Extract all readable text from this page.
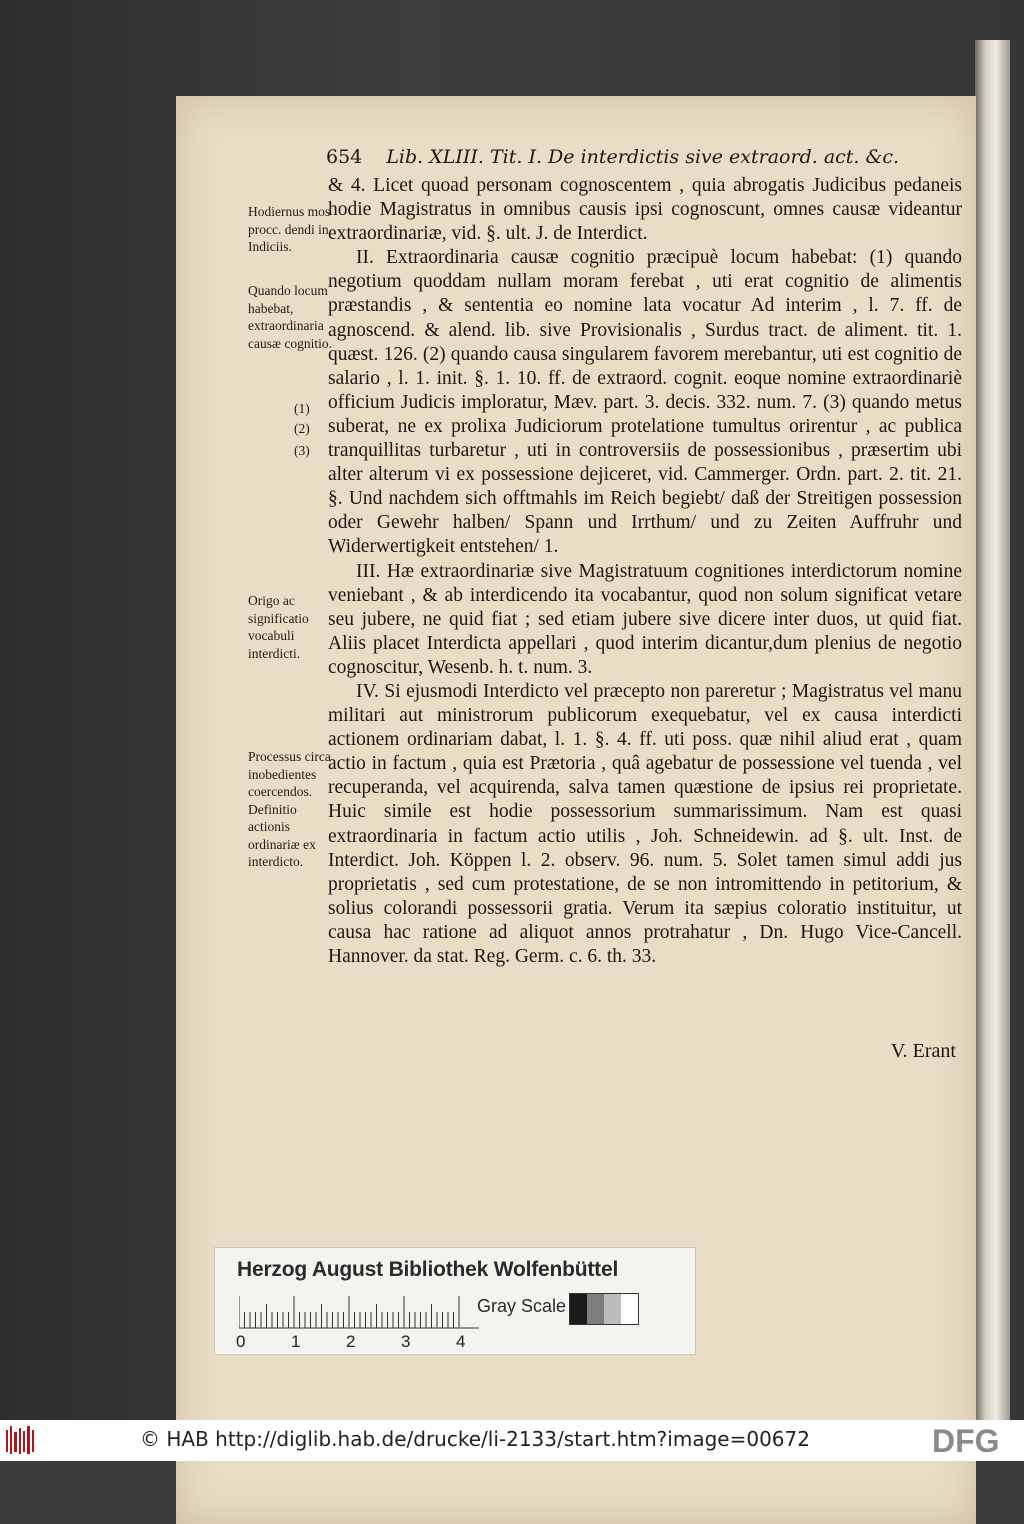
654 Lib. XLIII. Tit. I. De interdictis sive extraord. act. &c.
Hodiernus mos procc. dendi in Indiciis.
Quando locum habebat, extraordinaria causæ cognitio.
(1)
(2)
(3)
Origo ac significatio vocabuli interdicti.
Processus circa inobedientes coercendos. Definitio actionis ordinariæ ex interdicto.

& 4. Licet quoad personam cognoscentem , quia abrogatis Judicibus pedaneis hodie Magistratus in omnibus causis ipsi cognoscunt, omnes causæ videantur extraordinariæ, vid. §. ult. J. de Interdict.

II. Extraordinaria causæ cognitio præcipuè locum habebat: (1) quando negotium quoddam nullam moram ferebat , uti erat cognitio de alimentis præstandis , & sententia eo nomine lata vocatur Ad interim , l. 7. ff. de agnoscend. & alend. lib. sive Provisionalis , Surdus tract. de aliment. tit. 1. quæst. 126. (2) quando causa singularem favorem merebantur, uti est cognitio de salario , l. 1. init. §. 1. 10. ff. de extraord. cognit. eoque nomine extraordinariè officium Judicis imploratur, Mæv. part. 3. decis. 332. num. 7. (3) quando metus suberat, ne ex prolixa Judiciorum protelatione tumultus orirentur , ac publica tranquillitas turbaretur , uti in controversiis de possessionibus , præsertim ubi alter alterum vi ex possessione dejiceret, vid. Cammerger. Ordn. part. 2. tit. 21. §. Und nachdem sich offtmahls im Reich begiebt/ daß der Streitigen possession oder Gewehr halben/ Spann und Irrthum/ und zu Zeiten Auffruhr und Widerwertigkeit entstehen/ 1.

III. Hæ extraordinariæ sive Magistratuum cognitiones interdictorum nomine veniebant , & ab interdicendo ita vocabantur, quod non solum significat vetare seu jubere, ne quid fiat ; sed etiam jubere sive dicere inter duos, ut quid fiat. Aliis placet Interdicta appellari , quod interim dicantur,dum plenius de negotio cognoscitur, Wesenb. h. t. num. 3.

IV. Si ejusmodi Interdicto vel præcepto non pareretur ; Magistratus vel manu militari aut ministrorum publicorum exequebatur, vel ex causa interdicti actionem ordinariam dabat, l. 1. §. 4. ff. uti poss. quæ nihil aliud erat , quam actio in factum , quia est Prætoria , quâ agebatur de possessione vel tuenda , vel recuperanda, vel acquirenda, salva tamen quæstione de ipsius rei proprietate. Huic simile est hodie possessorium summarissimum. Nam est quasi extraordinaria in factum actio utilis , Joh. Schneidewin. ad §. ult. Inst. de Interdict. Joh. Köppen l. 2. observ. 96. num. 5. Solet tamen simul addi jus proprietatis , sed cum protestatione, de se non intromittendo in petitorium, & solius colorandi possessorii gratia. Verum ita sæpius coloratio instituitur, ut causa hac ratione ad aliquot annos protrahatur , Dn. Hugo Vice-Cancell. Hannover. da stat. Reg. Germ. c. 6. th. 33.

V. Erant
Herzog August Bibliothek Wolfenbüttel
Gray Scale
0	1	2	3	4
© HAB http://diglib.hab.de/drucke/li-2133/start.htm?image=00672	DFG
